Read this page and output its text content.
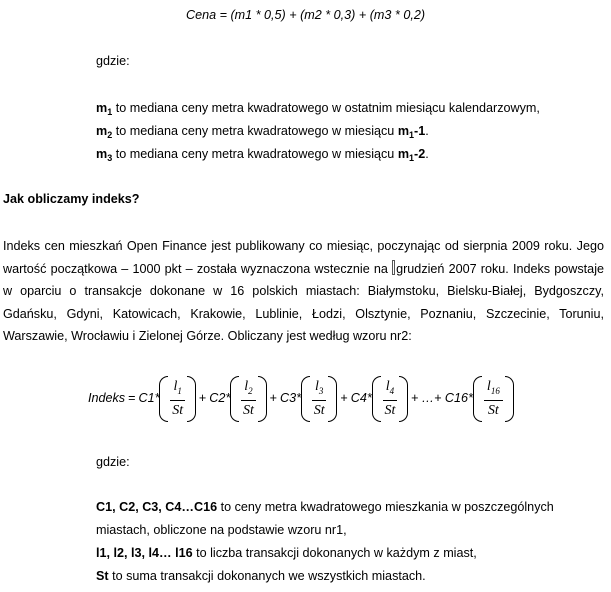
Cena = (m1 * 0,5) + (m2 * 0,3) + (m3 * 0,2)
gdzie:
$m_1$ to mediana ceny metra kwadratowego w ostatnim miesiącu kalendarzowym,
$m_2$ to mediana ceny metra kwadratowego w miesiącu $m_1-1$.
$m_3$ to mediana ceny metra kwadratowego w miesiącu $m_1-2$.
Jak obliczamy indeks?
Indeks cen mieszkań Open Finance jest publikowany co miesiąc, poczynając od sierpnia 2009 roku. Jego wartość początkowa – 1000 pkt – została wyznaczona wstecznie na grudzień 2007 roku. Indeks powstaje w oparciu o transakcje dokonane w 16 polskich miastach: Białymstoku, Bielsku-Białej, Bydgoszczy, Gdańsku, Gdyni, Katowicach, Krakowie, Lublinie, Łodzi, Olsztynie, Poznaniu, Szczecinie, Toruniu, Warszawie, Wrocławiu i Zielonej Górze. Obliczany jest według wzoru nr2:
Indeks = $C1* \frac{l_1}{St} + C2* \frac{l_2}{St} + C3* \frac{l_3}{St} + C4* \frac{l_4}{St}$ + …+ $C16* \frac{l_{16}}{St}$
gdzie:
C1, C2, C3, C4…C16 to ceny metra kwadratowego mieszkania w poszczególnych
miastach, obliczone na podstawie wzoru nr1,
l1, l2, l3, l4… l16 to liczba transakcji dokonanych w każdym z miast,
St to suma transakcji dokonanych we wszystkich miastach.
